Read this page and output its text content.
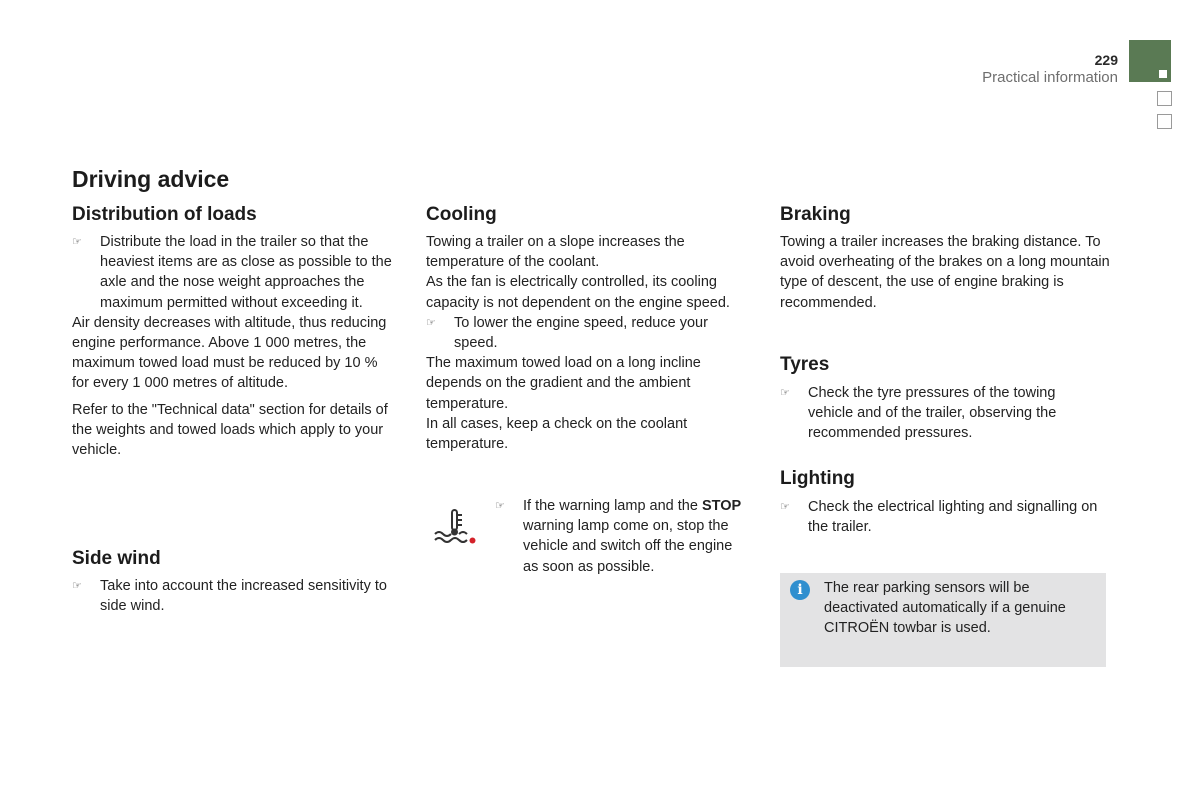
229
Practical information
Driving advice
Distribution of loads

☞ Distribute the load in the trailer so that the heaviest items are as close as possible to the axle and the nose weight approaches the maximum permitted without exceeding it.

Air density decreases with altitude, thus reducing engine performance. Above 1 000 metres, the maximum towed load must be reduced by 10 % for every 1 000 metres of altitude.

Refer to the "Technical data" section for details of the weights and towed loads which apply to your vehicle.

Side wind

☞ Take into account the increased sensitivity to side wind.

Cooling

Towing a trailer on a slope increases the temperature of the coolant.

As the fan is electrically controlled, its cooling capacity is not dependent on the engine speed.

☞ To lower the engine speed, reduce your speed.

The maximum towed load on a long incline depends on the gradient and the ambient temperature.

In all cases, keep a check on the coolant temperature.

☞ If the warning lamp and the STOP warning lamp come on, stop the vehicle and switch off the engine as soon as possible.

Braking

Towing a trailer increases the braking distance. To avoid overheating of the brakes on a long mountain type of descent, the use of engine braking is recommended.

Tyres

☞ Check the tyre pressures of the towing vehicle and of the trailer, observing the recommended pressures.

Lighting

☞ Check the electrical lighting and signalling on the trailer.

i	The rear parking sensors will be deactivated automatically if a genuine CITROËN towbar is used.
